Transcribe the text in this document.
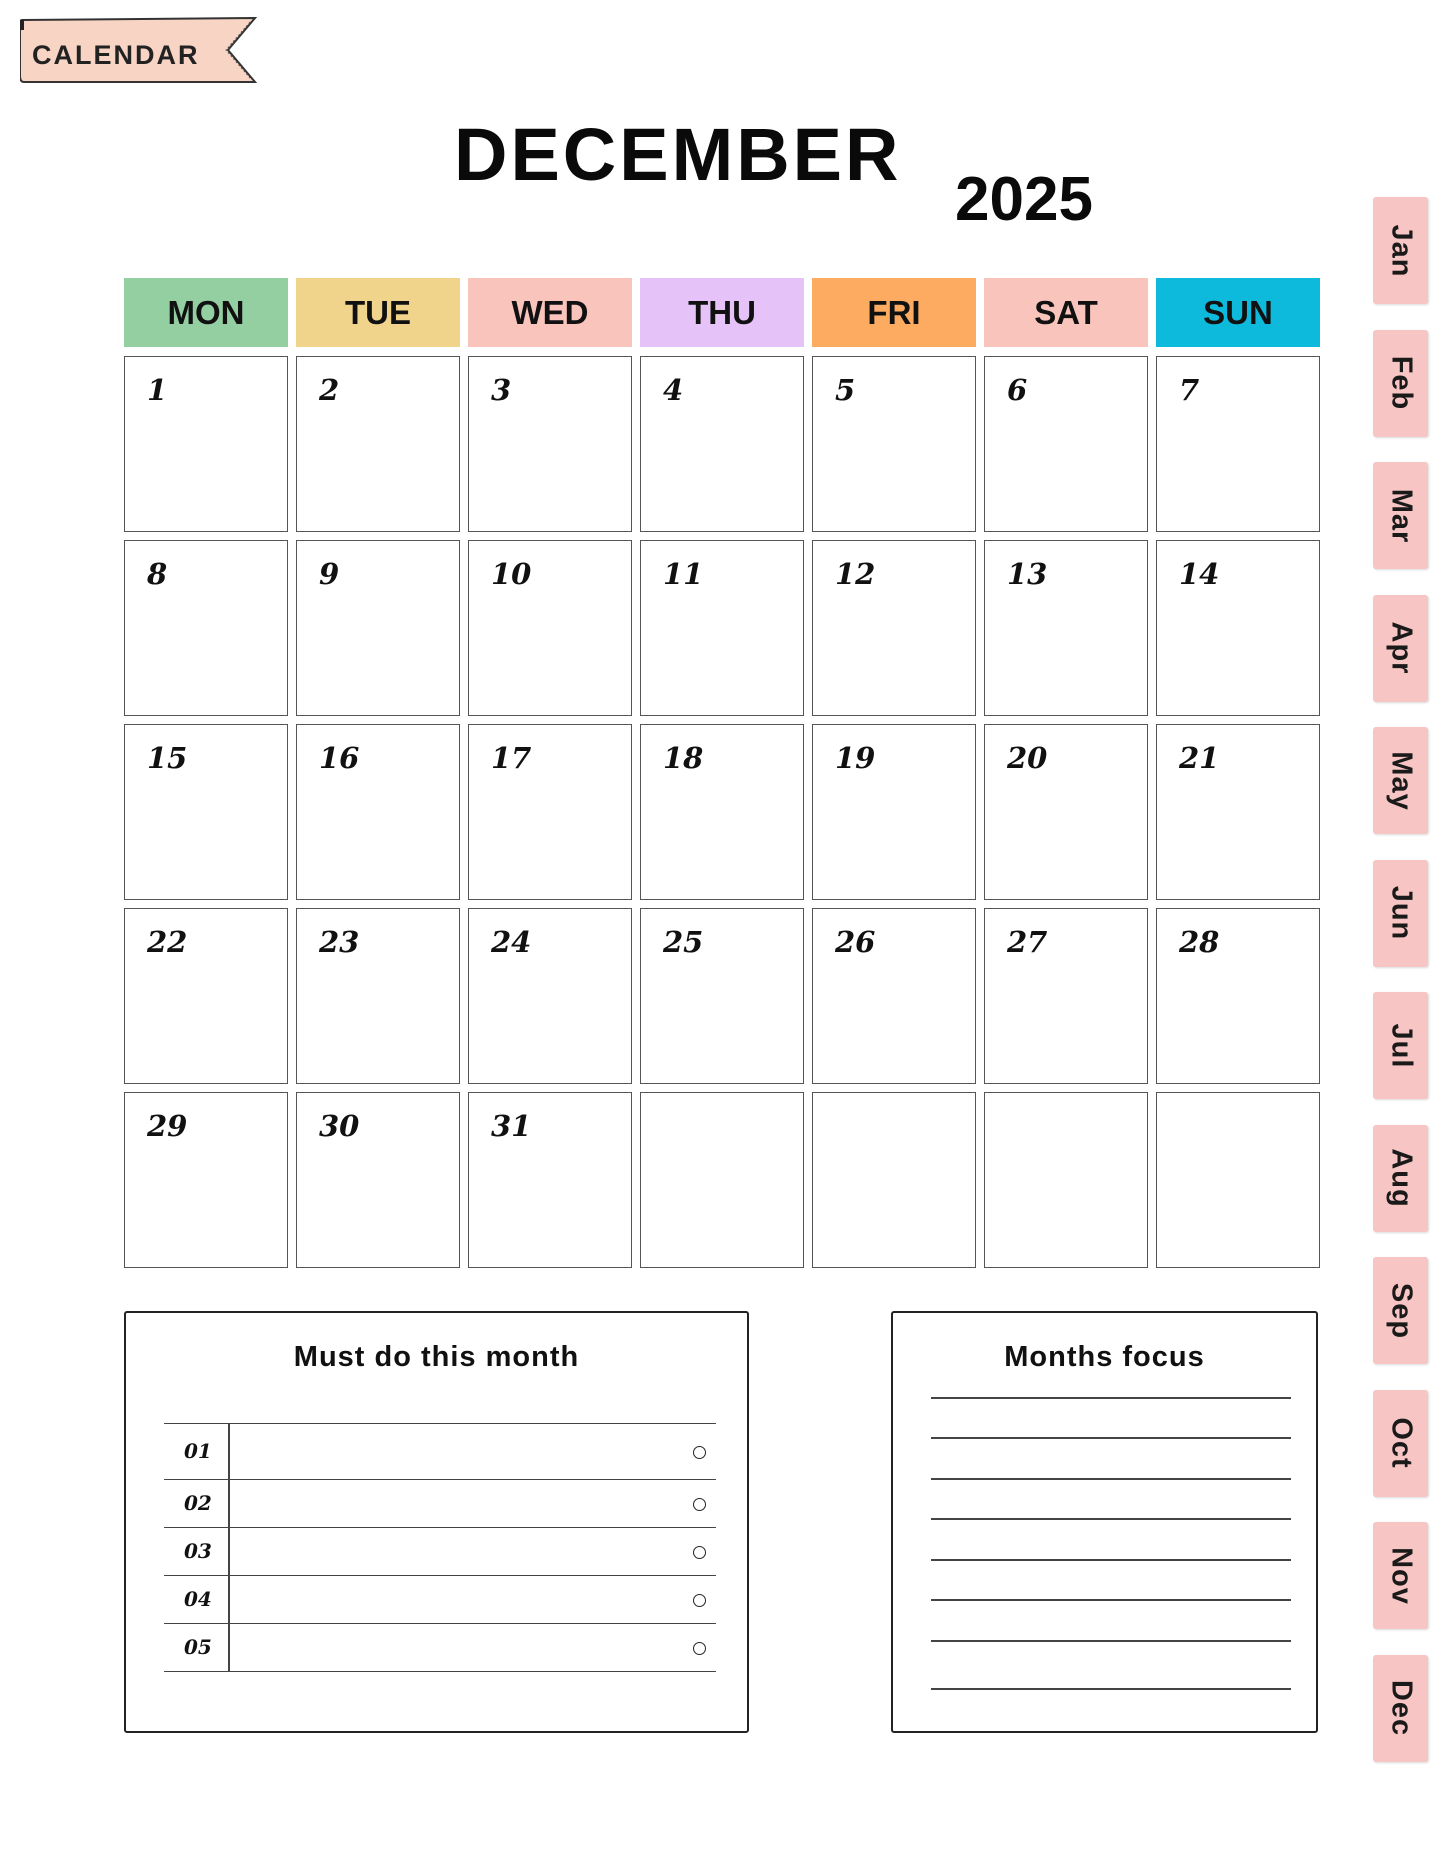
CALENDAR
DECEMBER
2025
MON	TUE	WED	THU	FRI	SAT	SUN
1	2	3	4	5	6	7
8	9	10	11	12	13	14
15	16	17	18	19	20	21
22	23	24	25	26	27	28
29	30	31
Must do this month
01
02
03
04
05
Months focus
Jan
Feb
Mar
Apr
May
Jun
Jul
Aug
Sep
Oct
Nov
Dec
